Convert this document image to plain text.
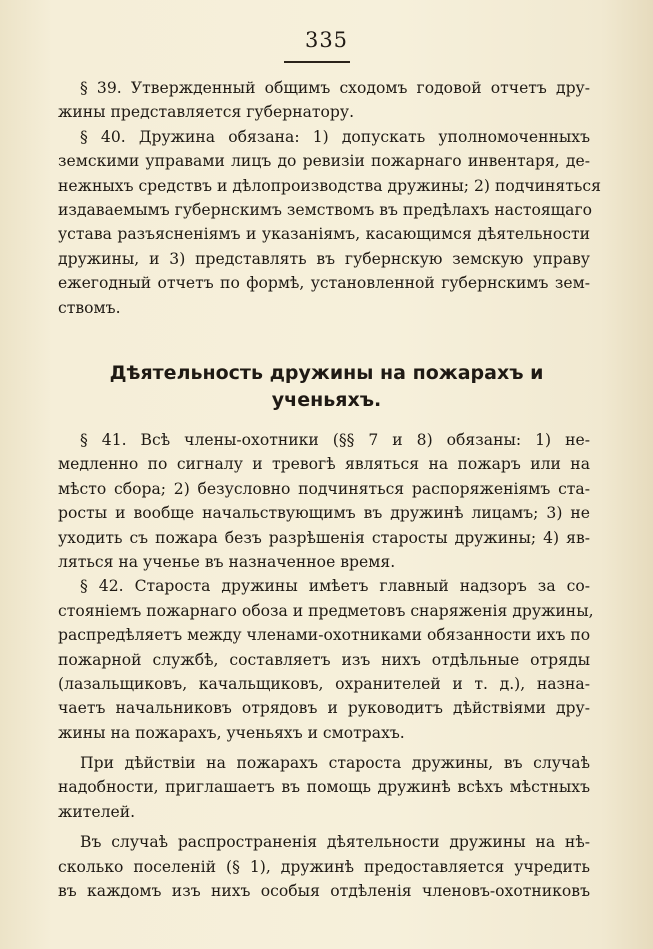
335
§ 39. Утвержденный общимъ сходомъ годовой отчетъ дру-
жины представляется губернатору.
§ 40. Дружина обязана: 1) допускать уполномоченныхъ
земскими управами лицъ до ревизіи пожарнаго инвентаря, де-
нежныхъ средствъ и дѣлопроизводства дружины; 2) подчиняться
издаваемымъ губернскимъ земствомъ въ предѣлахъ настоящаго
устава разъясненіямъ и указаніямъ, касающимся дѣятельности
дружины, и 3) представлять въ губернскую земскую управу
ежегодный отчетъ по формѣ, установленной губернскимъ зем-
ствомъ.
Дѣятельность дружины на пожарахъ и
ученьяхъ.
§ 41. Всѣ члены-охотники (§§ 7 и 8) обязаны: 1) не-
медленно по сигналу и тревогѣ являться на пожаръ или на
мѣсто сбора; 2) безусловно подчиняться распоряженіямъ ста-
росты и вообще начальствующимъ въ дружинѣ лицамъ; 3) не
уходить съ пожара безъ разрѣшенія старосты дружины; 4) яв-
ляться на ученье въ назначенное время.
§ 42. Староста дружины имѣетъ главный надзоръ за со-
стояніемъ пожарнаго обоза и предметовъ снаряженія дружины,
распредѣляетъ между членами-охотниками обязанности ихъ по
пожарной службѣ, составляетъ изъ нихъ отдѣльные отряды
(лазальщиковъ, качальщиковъ, охранителей и т. д.), назна-
чаетъ начальниковъ отрядовъ и руководитъ дѣйствіями дру-
жины на пожарахъ, ученьяхъ и смотрахъ.
При дѣйствіи на пожарахъ староста дружины, въ случаѣ
надобности, приглашаетъ въ помощь дружинѣ всѣхъ мѣстныхъ
жителей.
Въ случаѣ распространенія дѣятельности дружины на нѣ-
сколько поселеній (§ 1), дружинѣ предоставляется учредить
въ каждомъ изъ нихъ особыя отдѣленія членовъ-охотниковъ
